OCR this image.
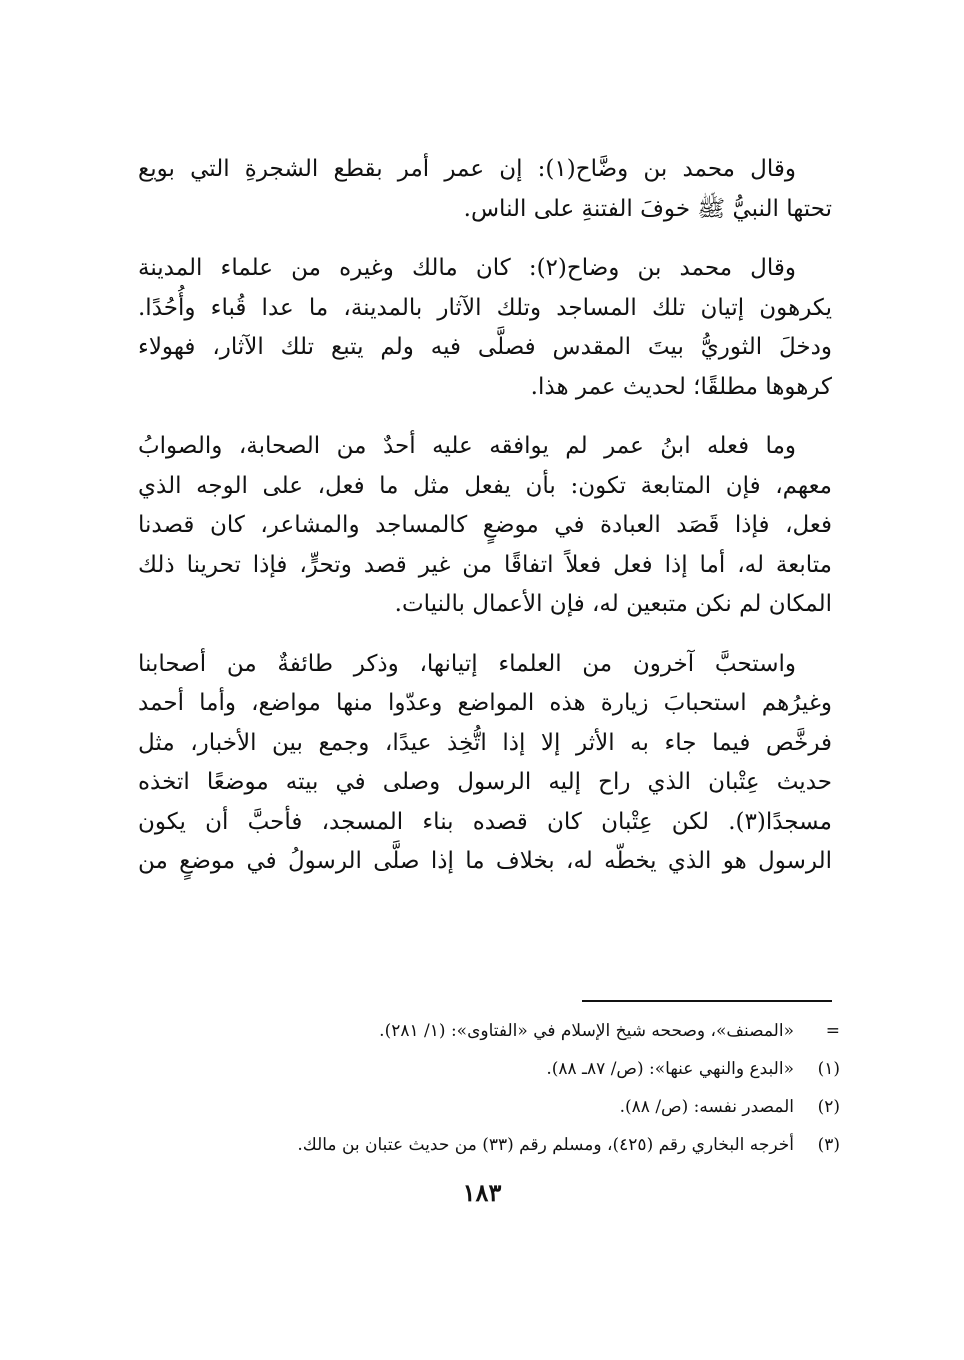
وقال محمد بن وضَّاح(١): إن عمر أمر بقطع الشجرةِ التي بويع
تحتها النبيُّ ﷺ خوفَ الفتنةِ على الناس.

وقال محمد بن وضاح(٢): كان مالك وغيره من علماء المدينة
يكرهون إتيان تلك المساجد وتلك الآثار بالمدينة، ما عدا قُباء وأُحُدًا.
ودخلَ الثوريُّ بيتَ المقدس فصلَّى فيه ولم يتبع تلك الآثار، فهولاء
كرهوها مطلقًا؛ لحديث عمر هذا.

وما فعله ابنُ عمر لم يوافقه عليه أحدٌ من الصحابة، والصوابُ
معهم، فإن المتابعة تكون: بأن يفعل مثل ما فعل، على الوجه الذي
فعل، فإذا قَصَد العبادة في موضعٍ كالمساجد والمشاعر، كان قصدنا
متابعة له، أما إذا فعل فعلاً اتفاقًا من غير قصد وتحرٍّ، فإذا تحرينا ذلك
المكان لم نكن متبعين له، فإن الأعمال بالنيات.

واستحبَّ آخرون من العلماء إتيانها، وذكر طائفةٌ من أصحابنا
وغيرُهم استحبابَ زيارة هذه المواضع وعدّوا منها مواضع، وأما أحمد
فرخَّص فيما جاء به الأثر إلا إذا اتُّخِذ عيدًا، وجمع بين الأخبار، مثل
حديث عِتْبان الذي راح إليه الرسول وصلى في بيته موضعًا اتخذه
مسجدًا(٣). لكن عِتْبان كان قصده بناء المسجد، فأحبَّ أن يكون
الرسول هو الذي يخطّه له، بخلاف ما إذا صلَّى الرسولُ في موضعٍ من

=
«المصنف»، وصححه شيخ الإسلام في «الفتاوى»: (١/ ٢٨١).
(١)
«البدع والنهي عنها»: (ص/ ٨٧ـ ٨٨).
(٢)
المصدر نفسه: (ص/ ٨٨).
(٣)
أخرجه البخاري رقم (٤٢٥)، ومسلم رقم (٣٣) من حديث عتبان بن مالك.
١٨٣
